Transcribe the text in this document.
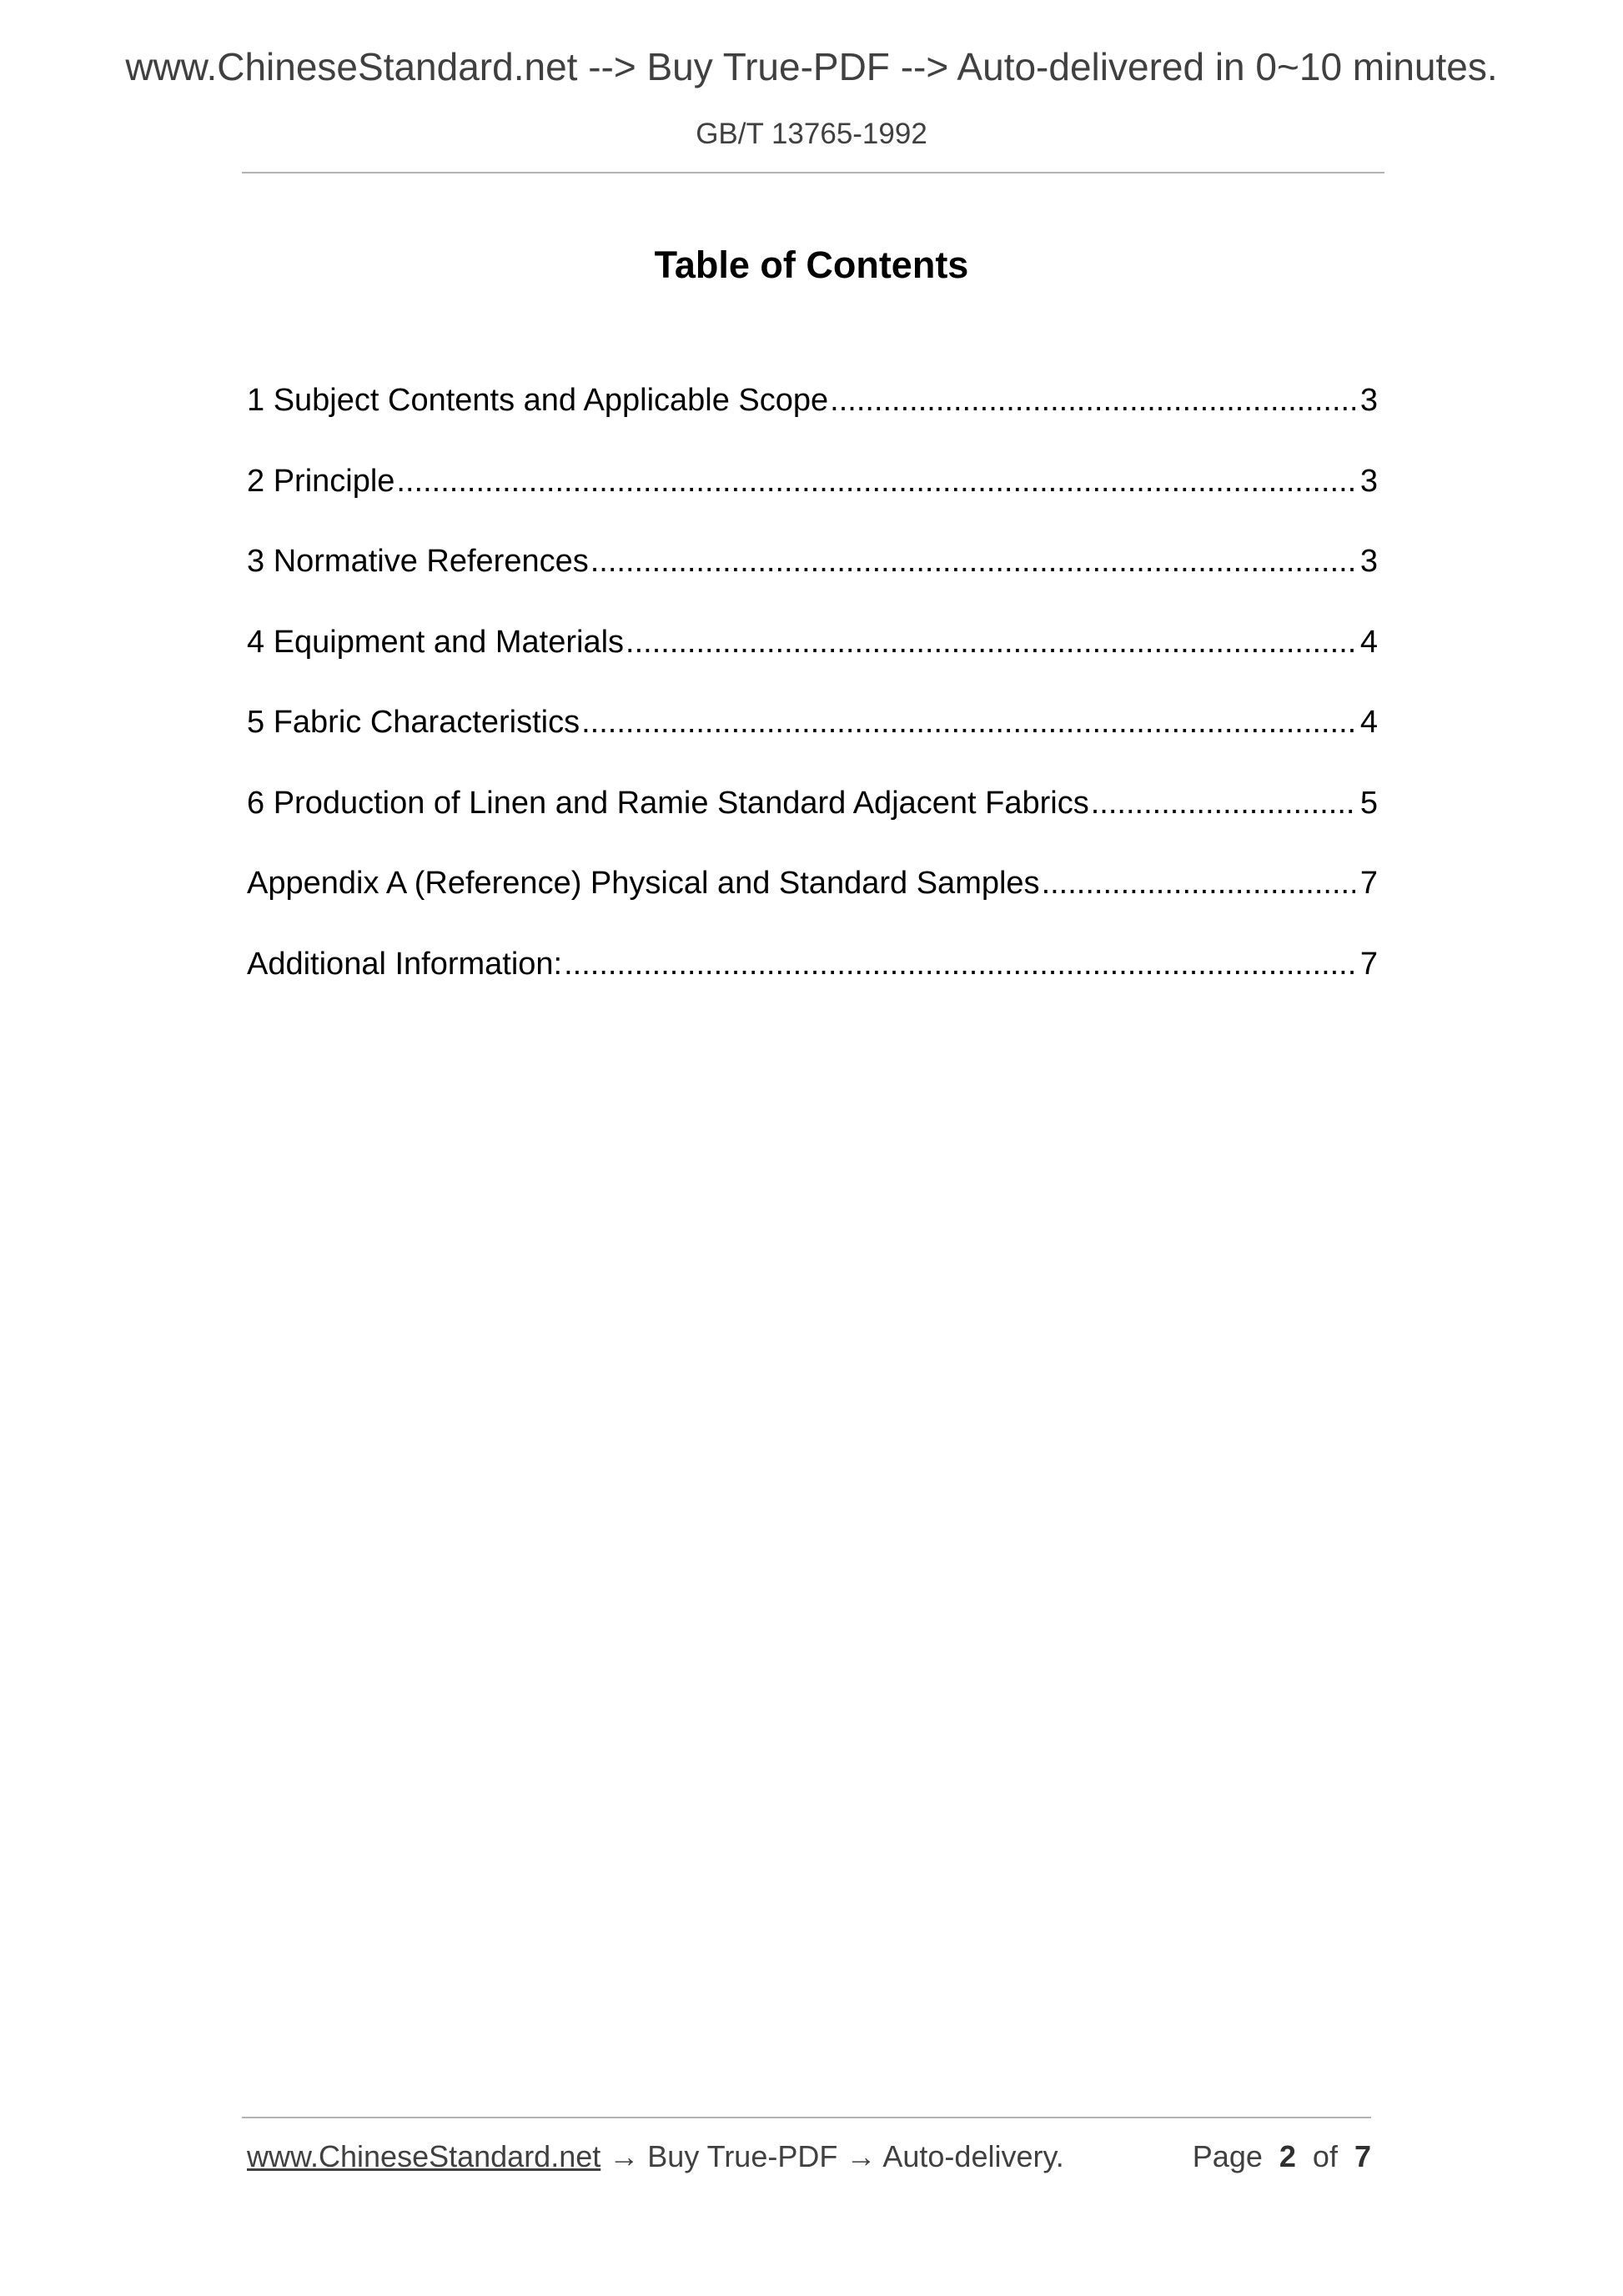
www.ChineseStandard.net --> Buy True-PDF --> Auto-delivered in 0~10 minutes.
GB/T 13765-1992
Table of Contents
1 Subject Contents and Applicable Scope .....	3
2 Principle .....	3
3 Normative References .....	3
4 Equipment and Materials .....	4
5 Fabric Characteristics .....	4
6 Production of Linen and Ramie Standard Adjacent Fabrics .....	5
Appendix A (Reference) Physical and Standard Samples .....	7
Additional Information: .....	7
www.ChineseStandard.net → Buy True-PDF → Auto-delivery.	Page 2 of 7
